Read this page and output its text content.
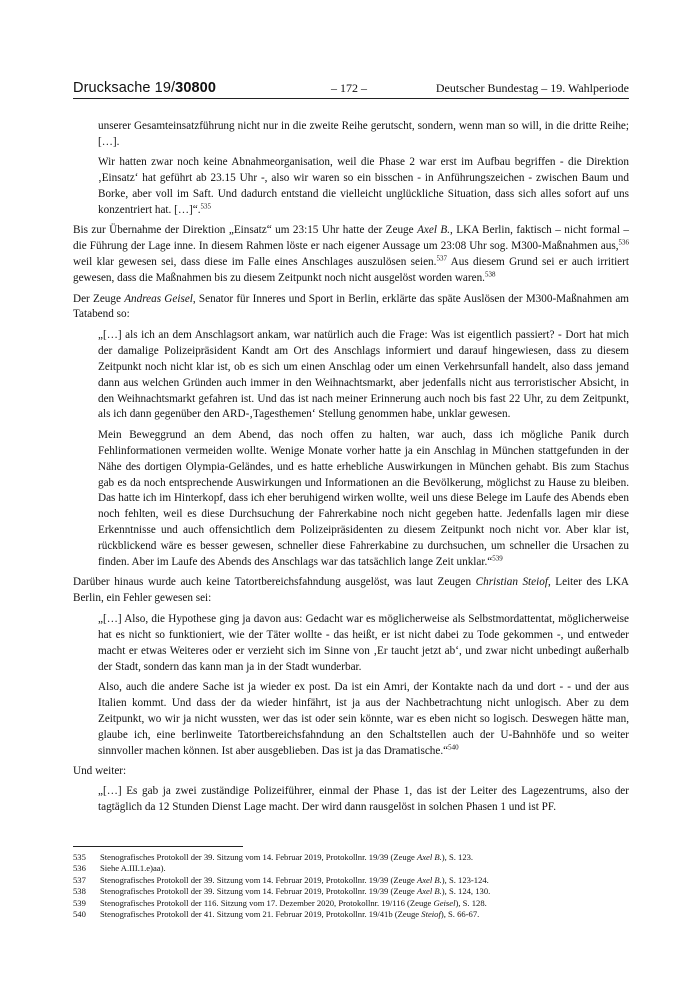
Drucksache 19/30800	– 172 –	Deutscher Bundestag – 19. Wahlperiode

unserer Gesamteinsatzführung nicht nur in die zweite Reihe gerutscht, sondern, wenn man so will, in die dritte Reihe; […].

Wir hatten zwar noch keine Abnahmeorganisation, weil die Phase 2 war erst im Aufbau begriffen - die Direktion ‚Einsatz‘ hat geführt ab 23.15 Uhr -, also wir waren so ein bisschen - in Anführungszeichen - zwischen Baum und Borke, aber voll im Saft. Und dadurch entstand die vielleicht unglückliche Situation, dass sich alles sofort auf uns konzentriert hat. […]“.$^{535}$

Bis zur Übernahme der Direktion „Einsatz“ um 23:15 Uhr hatte der Zeuge Axel B., LKA Berlin, faktisch – nicht formal – die Führung der Lage inne. In diesem Rahmen löste er nach eigener Aussage um 23:08 Uhr sog. M300-Maßnahmen aus,$^{536}$ weil klar gewesen sei, dass diese im Falle eines Anschlages auszulösen seien.$^{537}$ Aus diesem Grund sei er auch irritiert gewesen, dass die Maßnahmen bis zu diesem Zeitpunkt noch nicht ausgelöst worden waren.$^{538}$

Der Zeuge Andreas Geisel, Senator für Inneres und Sport in Berlin, erklärte das späte Auslösen der M300-Maßnahmen am Tatabend so:

„[…] als ich an dem Anschlagsort ankam, war natürlich auch die Frage: Was ist eigentlich passiert? - Dort hat mich der damalige Polizeipräsident Kandt am Ort des Anschlags informiert und darauf hingewiesen, dass zu diesem Zeitpunkt noch nicht klar ist, ob es sich um einen Anschlag oder um einen Verkehrsunfall handelt, also dass jemand dann aus welchen Gründen auch immer in den Weihnachtsmarkt, aber jedenfalls nicht aus terroristischer Absicht, in den Weihnachtsmarkt gefahren ist. Und das ist nach meiner Erinnerung auch noch bis fast 22 Uhr, zu dem Zeitpunkt, als ich dann gegenüber den ARD-‚Tagesthemen‘ Stellung genommen habe, unklar gewesen.

Mein Beweggrund an dem Abend, das noch offen zu halten, war auch, dass ich mögliche Panik durch Fehlinformationen vermeiden wollte. Wenige Monate vorher hatte ja ein Anschlag in München stattgefunden in der Nähe des dortigen Olympia-Geländes, und es hatte erhebliche Auswirkungen in München gehabt. Bis zum Stachus gab es da noch entsprechende Auswirkungen und Informationen an die Bevölkerung, möglichst zu Hause zu bleiben. Das hatte ich im Hinterkopf, dass ich eher beruhigend wirken wollte, weil uns diese Belege im Laufe des Abends eben noch fehlten, weil es diese Durchsuchung der Fahrerkabine noch nicht gegeben hatte. Jedenfalls lagen mir diese Erkenntnisse und auch offensichtlich dem Polizeipräsidenten zu diesem Zeitpunkt noch nicht vor. Aber klar ist, rückblickend wäre es besser gewesen, schneller diese Fahrerkabine zu durchsuchen, um schneller die Ursachen zu finden. Aber im Laufe des Abends des Anschlags war das tatsächlich lange Zeit unklar.“$^{539}$

Darüber hinaus wurde auch keine Tatortbereichsfahndung ausgelöst, was laut Zeugen Christian Steiof, Leiter des LKA Berlin, ein Fehler gewesen sei:

„[…] Also, die Hypothese ging ja davon aus: Gedacht war es möglicherweise als Selbstmordattentat, möglicherweise hat es nicht so funktioniert, wie der Täter wollte - das heißt, er ist nicht dabei zu Tode gekommen -, und entweder macht er etwas Weiteres oder er verzieht sich im Sinne von ‚Er taucht jetzt ab‘, und zwar nicht unbedingt außerhalb der Stadt, sondern das kann man ja in der Stadt wunderbar.

Also, auch die andere Sache ist ja wieder ex post. Da ist ein Amri, der Kontakte nach da und dort - - und der aus Italien kommt. Und dass der da wieder hinfährt, ist ja aus der Nachbetrachtung nicht unlogisch. Aber zu dem Zeitpunkt, wo wir ja nicht wussten, wer das ist oder sein könnte, war es eben nicht so logisch. Deswegen hätte man, glaube ich, eine berlinweite Tatortbereichsfahndung an den Schaltstellen auch der U-Bahnhöfe und so weiter sinnvoller machen können. Ist aber ausgeblieben. Das ist ja das Dramatische.“$^{540}$

Und weiter:

„[…] Es gab ja zwei zuständige Polizeiführer, einmal der Phase 1, das ist der Leiter des Lagezentrums, also der tagtäglich da 12 Stunden Dienst Lage macht. Der wird dann rausgelöst in solchen Phasen 1 und ist PF.

535	Stenografisches Protokoll der 39. Sitzung vom 14. Februar 2019, Protokollnr. 19/39 (Zeuge Axel B.), S. 123.
536	Siehe A.III.1.e)aa).
537	Stenografisches Protokoll der 39. Sitzung vom 14. Februar 2019, Protokollnr. 19/39 (Zeuge Axel B.), S. 123-124.
538	Stenografisches Protokoll der 39. Sitzung vom 14. Februar 2019, Protokollnr. 19/39 (Zeuge Axel B.), S. 124, 130.
539	Stenografisches Protokoll der 116. Sitzung vom 17. Dezember 2020, Protokollnr. 19/116 (Zeuge Geisel), S. 128.
540	Stenografisches Protokoll der 41. Sitzung vom 21. Februar 2019, Protokollnr. 19/41b (Zeuge Steiof), S. 66-67.
